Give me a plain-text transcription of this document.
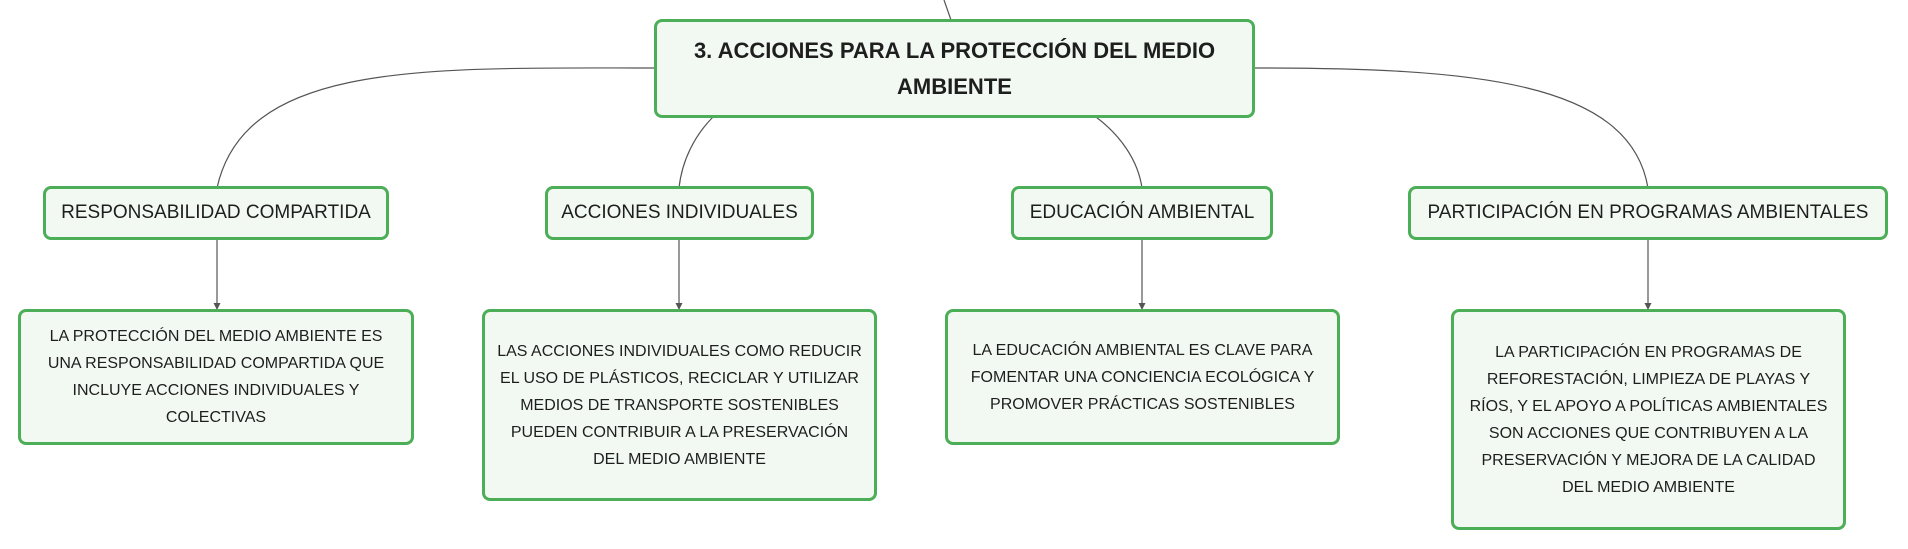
3. ACCIONES PARA LA PROTECCIÓN DEL MEDIO AMBIENTE
RESPONSABILIDAD COMPARTIDA	ACCIONES INDIVIDUALES	EDUCACIÓN AMBIENTAL	PARTICIPACIÓN EN PROGRAMAS AMBIENTALES
LA PROTECCIÓN DEL MEDIO AMBIENTE ES UNA RESPONSABILIDAD COMPARTIDA QUE INCLUYE ACCIONES INDIVIDUALES Y COLECTIVAS
LAS ACCIONES INDIVIDUALES COMO REDUCIR EL USO DE PLÁSTICOS, RECICLAR Y UTILIZAR MEDIOS DE TRANSPORTE SOSTENIBLES PUEDEN CONTRIBUIR A LA PRESERVACIÓN DEL MEDIO AMBIENTE
LA EDUCACIÓN AMBIENTAL ES CLAVE PARA FOMENTAR UNA CONCIENCIA ECOLÓGICA Y PROMOVER PRÁCTICAS SOSTENIBLES
LA PARTICIPACIÓN EN PROGRAMAS DE REFORESTACIÓN, LIMPIEZA DE PLAYAS Y RÍOS, Y EL APOYO A POLÍTICAS AMBIENTALES SON ACCIONES QUE CONTRIBUYEN A LA PRESERVACIÓN Y MEJORA DE LA CALIDAD DEL MEDIO AMBIENTE
